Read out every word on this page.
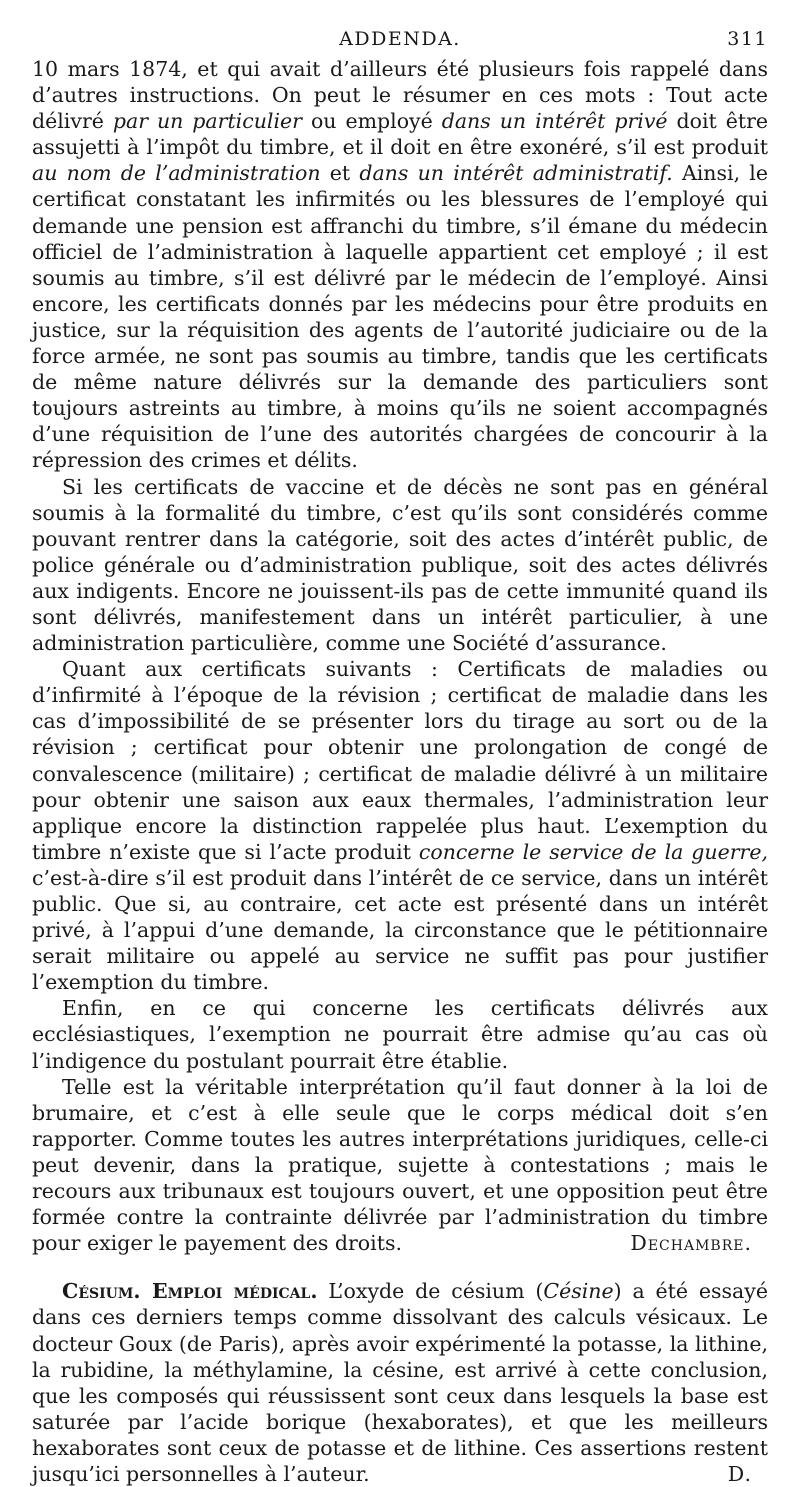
ADDENDA.	311

10 mars 1874, et qui avait d’ailleurs été plusieurs fois rappelé dans d’autres instructions. On peut le résumer en ces mots : Tout acte délivré par un particulier ou employé dans un intérêt privé doit être assujetti à l’impôt du timbre, et il doit en être exonéré, s’il est produit au nom de l’administration et dans un intérêt administratif. Ainsi, le certificat constatant les infirmités ou les blessures de l’employé qui demande une pension est affranchi du timbre, s’il émane du médecin officiel de l’administration à laquelle appartient cet employé ; il est soumis au timbre, s’il est délivré par le médecin de l’employé. Ainsi encore, les certificats donnés par les médecins pour être produits en justice, sur la réquisition des agents de l’autorité judiciaire ou de la force armée, ne sont pas soumis au timbre, tandis que les certificats de même nature délivrés sur la demande des particuliers sont toujours astreints au timbre, à moins qu’ils ne soient accompagnés d’une réquisition de l’une des autorités chargées de concourir à la répression des crimes et délits.

Si les certificats de vaccine et de décès ne sont pas en général soumis à la formalité du timbre, c’est qu’ils sont considérés comme pouvant rentrer dans la catégorie, soit des actes d’intérêt public, de police générale ou d’administration publique, soit des actes délivrés aux indigents. Encore ne jouissent-ils pas de cette immunité quand ils sont délivrés, manifestement dans un intérêt particulier, à une administration particulière, comme une Société d’assurance.

Quant aux certificats suivants : Certificats de maladies ou d’infirmité à l’époque de la révision ; certificat de maladie dans les cas d’impossibilité de se présenter lors du tirage au sort ou de la révision ; certificat pour obtenir une prolongation de congé de convalescence (militaire) ; certificat de maladie délivré à un militaire pour obtenir une saison aux eaux thermales, l’administration leur applique encore la distinction rappelée plus haut. L’exemption du timbre n’existe que si l’acte produit concerne le service de la guerre, c’est-à-dire s’il est produit dans l’intérêt de ce service, dans un intérêt public. Que si, au contraire, cet acte est présenté dans un intérêt privé, à l’appui d’une demande, la circonstance que le pétitionnaire serait militaire ou appelé au service ne suffit pas pour justifier l’exemption du timbre.

Enfin, en ce qui concerne les certificats délivrés aux ecclésiastiques, l’exemption ne pourrait être admise qu’au cas où l’indigence du postulant pourrait être établie.

Telle est la véritable interprétation qu’il faut donner à la loi de brumaire, et c’est à elle seule que le corps médical doit s’en rapporter. Comme toutes les autres interprétations juridiques, celle-ci peut devenir, dans la pratique, sujette à contestations ; mais le recours aux tribunaux est toujours ouvert, et une opposition peut être formée contre la contrainte délivrée par l’administration du timbre pour exiger le payement des droits.	Dechambre.

Césium. Emploi médical. L’oxyde de césium (Césine) a été essayé dans ces derniers temps comme dissolvant des calculs vésicaux. Le docteur Goux (de Paris), après avoir expérimenté la potasse, la lithine, la rubidine, la méthylamine, la césine, est arrivé à cette conclusion, que les composés qui réussissent sont ceux dans lesquels la base est saturée par l’acide borique (hexaborates), et que les meilleurs hexaborates sont ceux de potasse et de lithine. Ces assertions restent jusqu’ici personnelles à l’auteur.	D.
